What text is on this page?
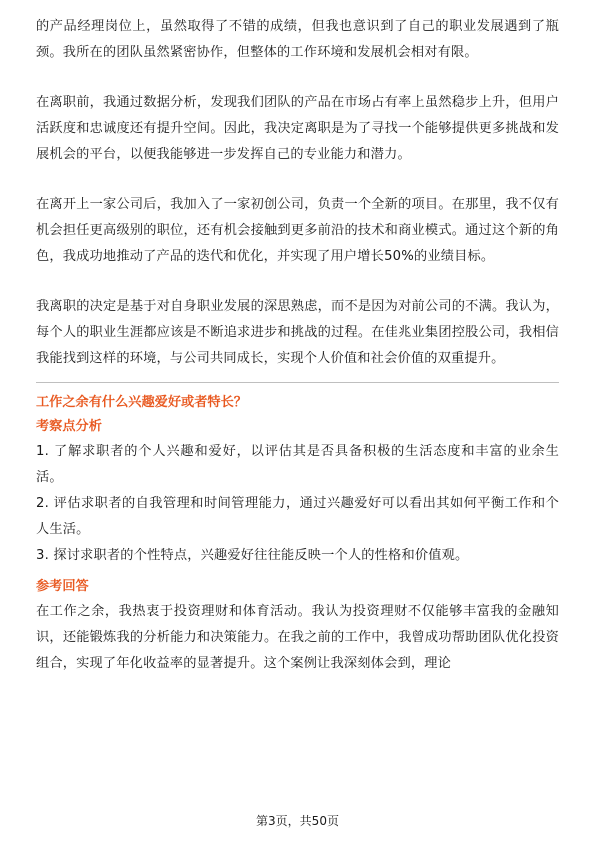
的产品经理岗位上，虽然取得了不错的成绩，但我也意识到了自己的职业发展遇到了瓶颈。我所在的团队虽然紧密协作，但整体的工作环境和发展机会相对有限。

在离职前，我通过数据分析，发现我们团队的产品在市场占有率上虽然稳步上升，但用户活跃度和忠诚度还有提升空间。因此，我决定离职是为了寻找一个能够提供更多挑战和发展机会的平台，以便我能够进一步发挥自己的专业能力和潜力。

在离开上一家公司后，我加入了一家初创公司，负责一个全新的项目。在那里，我不仅有机会担任更高级别的职位，还有机会接触到更多前沿的技术和商业模式。通过这个新的角色，我成功地推动了产品的迭代和优化，并实现了用户增长50%的业绩目标。

我离职的决定是基于对自身职业发展的深思熟虑，而不是因为对前公司的不满。我认为，每个人的职业生涯都应该是不断追求进步和挑战的过程。在佳兆业集团控股公司，我相信我能找到这样的环境，与公司共同成长，实现个人价值和社会价值的双重提升。

工作之余有什么兴趣爱好或者特长？

考察点分析

1. 了解求职者的个人兴趣和爱好，以评估其是否具备积极的生活态度和丰富的业余生活。

2. 评估求职者的自我管理和时间管理能力，通过兴趣爱好可以看出其如何平衡工作和个人生活。

3. 探讨求职者的个性特点，兴趣爱好往往能反映一个人的性格和价值观。

参考回答

在工作之余，我热衷于投资理财和体育活动。我认为投资理财不仅能够丰富我的金融知识，还能锻炼我的分析能力和决策能力。在我之前的工作中，我曾成功帮助团队优化投资组合，实现了年化收益率的显著提升。这个案例让我深刻体会到，理论

第3页，共50页
